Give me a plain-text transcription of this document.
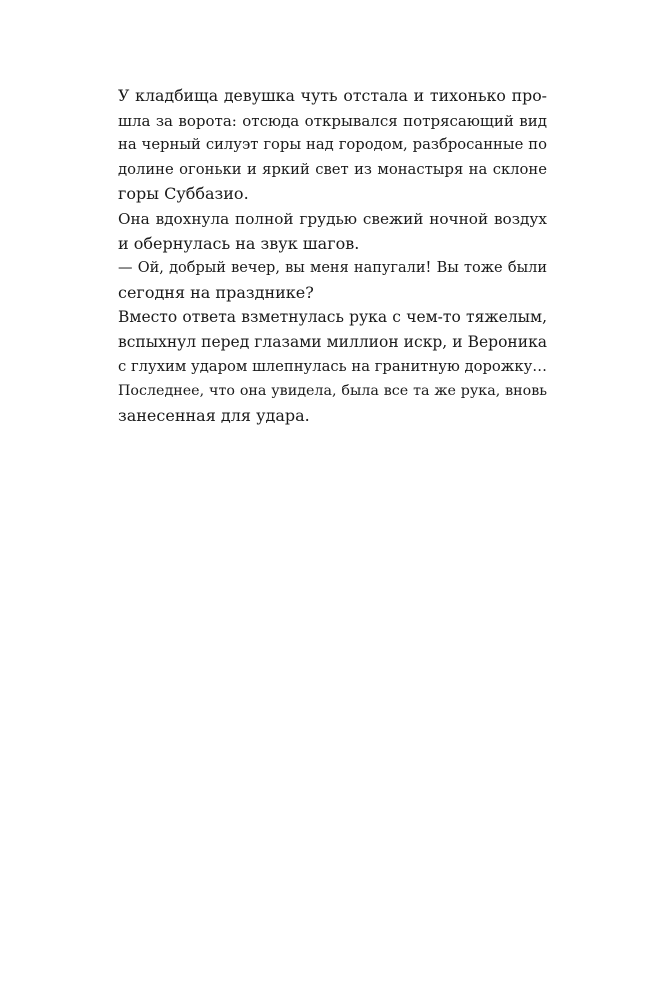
У кладбища девушка чуть отстала и тихонько про-
шла за ворота: отсюда открывался потрясающий вид
на черный силуэт горы над городом, разбросанные по
долине огоньки и яркий свет из монастыря на склоне
горы Суббазио.
Она вдохнула полной грудью свежий ночной воздух
и обернулась на звук шагов.
— Ой, добрый вечер, вы меня напугали! Вы тоже были
сегодня на празднике?
Вместо ответа взметнулась рука с чем-то тяжелым,
вспыхнул перед глазами миллион искр, и Вероника
с глухим ударом шлепнулась на гранитную дорожку…
Последнее, что она увидела, была все та же рука, вновь
занесенная для удара.
